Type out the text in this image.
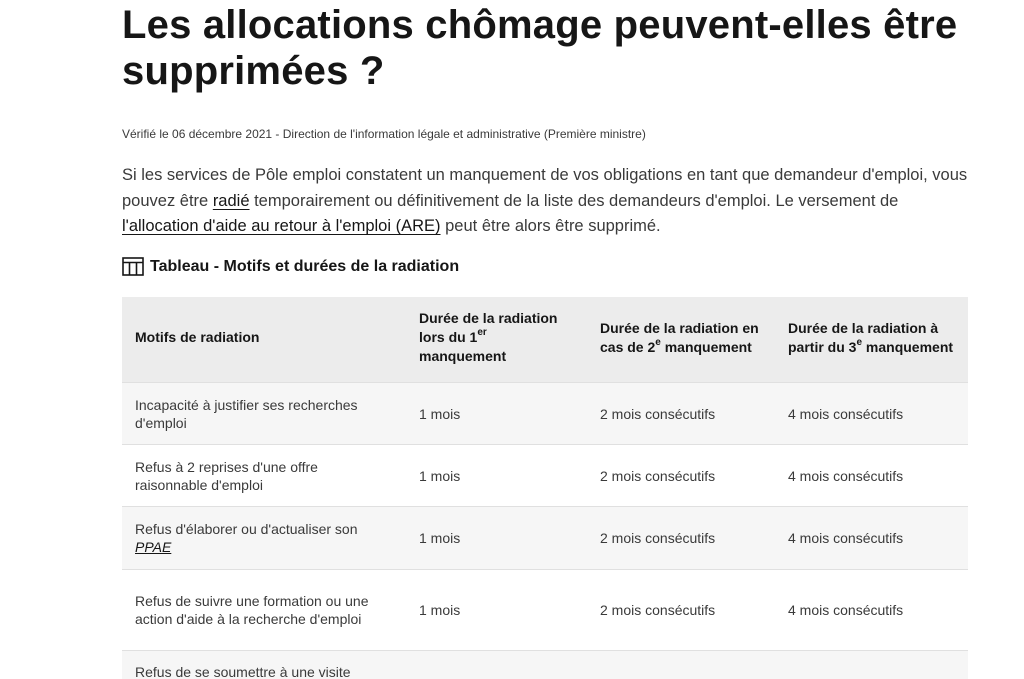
Les allocations chômage peuvent-elles être supprimées ?
Vérifié le 06 décembre 2021 - Direction de l'information légale et administrative (Première ministre)

Si les services de Pôle emploi constatent un manquement de vos obligations en tant que demandeur d'emploi, vous pouvez être radié temporairement ou définitivement de la liste des demandeurs d'emploi. Le versement de l'allocation d'aide au retour à l'emploi (ARE) peut être alors être supprimé.

Tableau - Motifs et durées de la radiation
Motifs de radiation	Durée de la radiation lors du 1er manquement	Durée de la radiation en cas de 2e manquement	Durée de la radiation à partir du 3e manquement
Incapacité à justifier ses recherches d'emploi	1 mois	2 mois consécutifs	4 mois consécutifs
Refus à 2 reprises d'une offre raisonnable d'emploi	1 mois	2 mois consécutifs	4 mois consécutifs
Refus d'élaborer ou d'actualiser son PPAE	1 mois	2 mois consécutifs	4 mois consécutifs
Refus de suivre une formation ou une action d'aide à la recherche d'emploi	1 mois	2 mois consécutifs	4 mois consécutifs
Refus de se soumettre à une visite			
